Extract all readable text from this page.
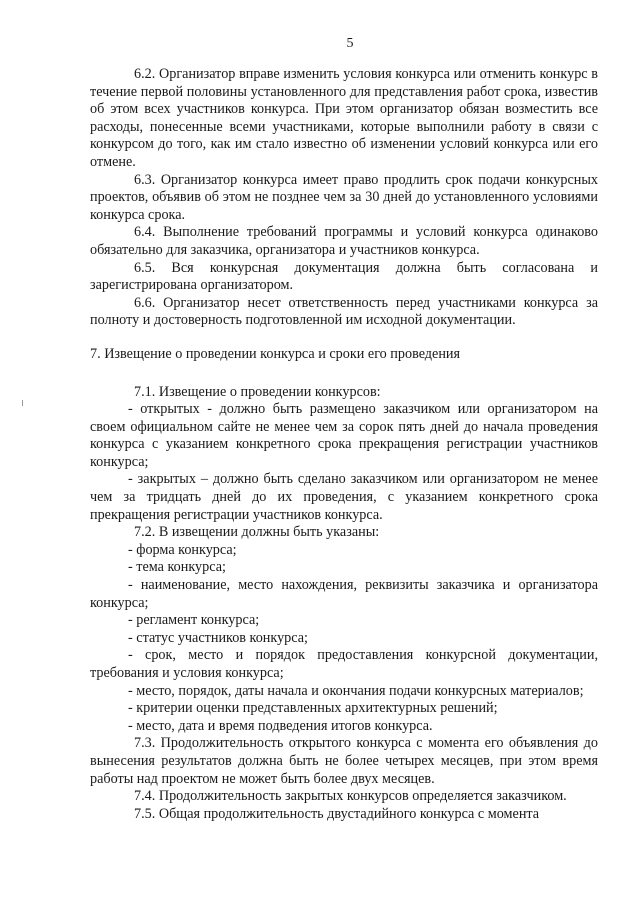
5

6.2. Организатор вправе изменить условия конкурса или отменить конкурс в течение первой половины установленного для представления работ срока, известив об этом всех участников конкурса. При этом организатор обязан возместить все расходы, понесенные всеми участниками, которые выполнили работу в связи с конкурсом до того, как им стало известно об изменении условий конкурса или его отмене.

6.3. Организатор конкурса имеет право продлить срок подачи конкурсных проектов, объявив об этом не позднее чем за 30 дней до установленного условиями конкурса срока.

6.4. Выполнение требований программы и условий конкурса одинаково обязательно для заказчика, организатора и участников конкурса.

6.5. Вся конкурсная документация должна быть согласована и зарегистрирована организатором.

6.6. Организатор несет ответственность перед участниками конкурса за полноту и достоверность подготовленной им исходной документации.

7. Извещение о проведении конкурса и сроки его проведения

7.1. Извещение о проведении конкурсов:

- открытых - должно быть размещено заказчиком или организатором на своем официальном сайте не менее чем за сорок пять дней до начала проведения конкурса с указанием конкретного срока прекращения регистрации участников конкурса;

- закрытых – должно быть сделано заказчиком или организатором не менее чем за тридцать дней до их проведения, с указанием конкретного срока прекращения регистрации участников конкурса.

7.2. В извещении должны быть указаны:

- форма конкурса;

- тема конкурса;

- наименование, место нахождения, реквизиты заказчика и организатора конкурса;

- регламент конкурса;

- статус участников конкурса;

- срок, место и порядок предоставления конкурсной документации, требования и условия конкурса;

- место, порядок, даты начала и окончания подачи конкурсных материалов;

- критерии оценки представленных архитектурных решений;

- место, дата и время подведения итогов конкурса.

7.3. Продолжительность открытого конкурса с момента его объявления до вынесения результатов должна быть не более четырех месяцев, при этом время работы над проектом не может быть более двух месяцев.

7.4. Продолжительность закрытых конкурсов определяется заказчиком.

7.5. Общая продолжительность двустадийного конкурса с момента
